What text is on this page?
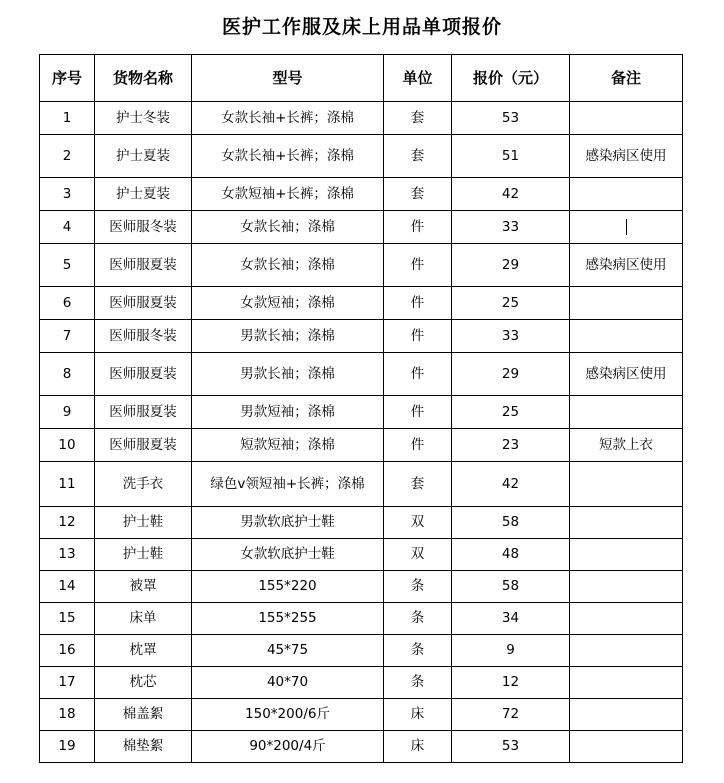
医护工作服及床上用品单项报价
序号	货物名称	型号	单位	报价（元）	备注
1	护士冬装	女款长袖+长裤；涤棉	套	53	
2	护士夏装	女款长袖+长裤；涤棉	套	51	感染病区使用
3	护士夏装	女款短袖+长裤；涤棉	套	42	
4	医师服冬装	女款长袖；涤棉	件	33	
5	医师服夏装	女款长袖；涤棉	件	29	感染病区使用
6	医师服夏装	女款短袖；涤棉	件	25	
7	医师服冬装	男款长袖；涤棉	件	33	
8	医师服夏装	男款长袖；涤棉	件	29	感染病区使用
9	医师服夏装	男款短袖；涤棉	件	25	
10	医师服夏装	短款短袖；涤棉	件	23	短款上衣
11	洗手衣	绿色v领短袖+长裤；涤棉	套	42	
12	护士鞋	男款软底护士鞋	双	58	
13	护士鞋	女款软底护士鞋	双	48	
14	被罩	155*220	条	58	
15	床单	155*255	条	34	
16	枕罩	45*75	条	9	
17	枕芯	40*70	条	12	
18	棉盖絮	150*200/6斤	床	72	
19	棉垫絮	90*200/4斤	床	53	
